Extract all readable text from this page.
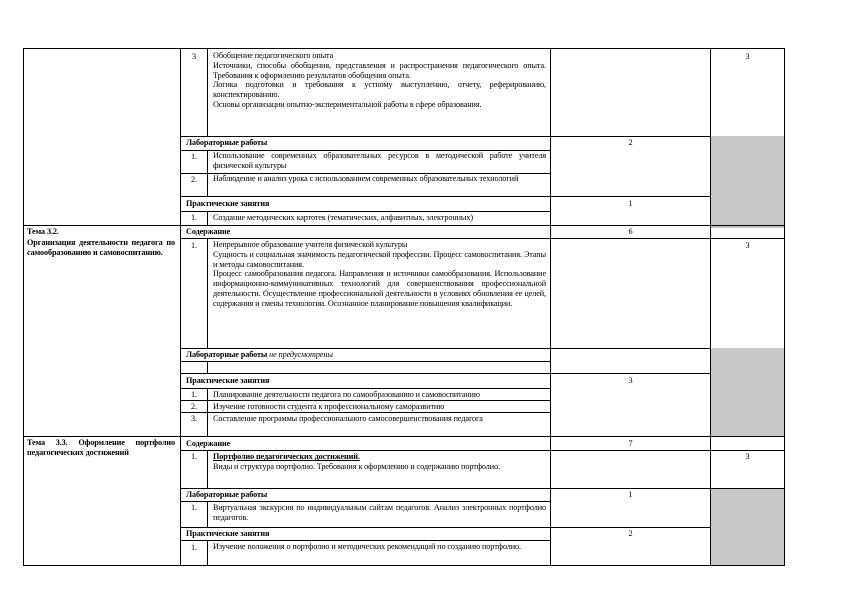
3	Обобщение педагогического опыта
Источники, способы обобщения, представления и распространения педагогического опыта. Требования к оформлению результатов обобщения опыта.
Логика подготовки и требования к устному выступлению, отчету, реферированию, конспектированию.
Основы организации опытно-экспериментальной работы в сфере образования.
3
Лабораторные работы	2
1.	Использование современных образовательных ресурсов в методической работе учителя физической культуры
2.	Наблюдение и анализ урока с использованием современных образовательных технологий
Практические занятия	1
1.	Создание методических картотек (тематических, алфавитных, электронных)
Тема 3.2.
Организация деятельности педагога по самообразованию и самовоспитанию.
Содержание	6
1.	Непрерывное образование учителя физической культуры
Сущность и социальная значимость педагогической профессии. Процесс самовоспитания. Этапы и методы самовоспитания.
Процесс самообразования педагога. Направления и источники самообразования. Использование информационно-коммуникативных технологий для совершенствования профессиональной деятельности. Осуществление профессиональной деятельности в условиях обновления ее целей, содержания и смены технологии. Осознанное планирование повышения квалификации.
3
Лабораторные работы не предусмотрены
Практические занятия	3
1.	Планирование деятельности педагога по самообразованию и самовоспитанию
2.	Изучение готовности студента к профессиональному саморазвитию
3.	Составление программы профессионального самосовершенствования педагога
Тема 3.3. Оформление портфолио педагогических достижений
Содержание	7
1.	Портфолио педагогических достижений.
Виды и структура портфолио. Требования к оформлению и содержанию портфолио.
3
Лабораторные работы	1
1.	Виртуальная экскурсия по индивидуальным сайтам педагогов. Анализ электронных портфолио педагогов.
Практические занятия	2
1.	Изучение положения о портфолио и методических рекомендаций по созданию портфолио.
